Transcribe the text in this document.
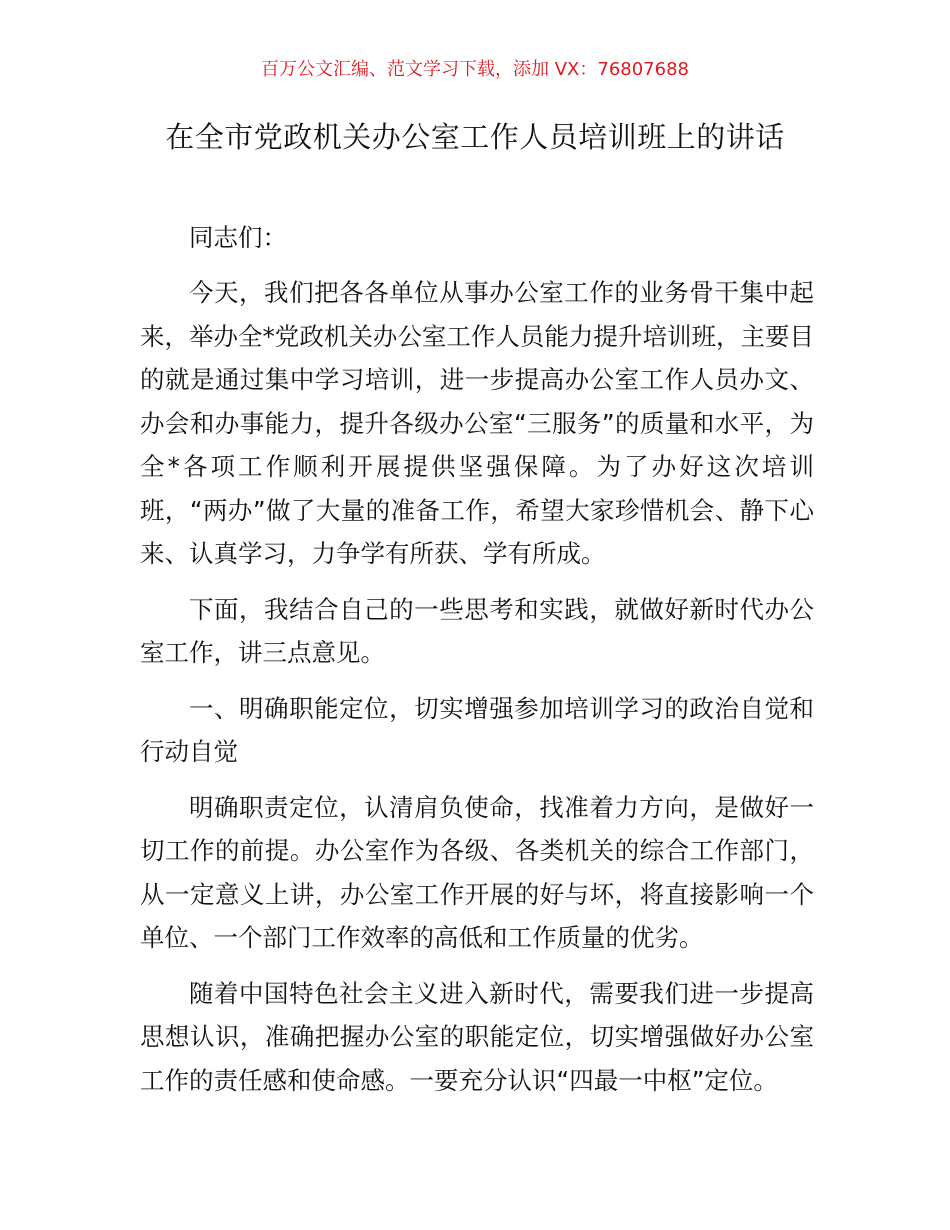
百万公文汇编、范文学习下载，添加 VX：76807688
在全市党政机关办公室工作人员培训班上的讲话

同志们：

今天，我们把各各单位从事办公室工作的业务骨干集中起来，举办全*党政机关办公室工作人员能力提升培训班，主要目的就是通过集中学习培训，进一步提高办公室工作人员办文、办会和办事能力，提升各级办公室“三服务”的质量和水平，为全*各项工作顺利开展提供坚强保障。为了办好这次培训班，“两办”做了大量的准备工作，希望大家珍惜机会、静下心来、认真学习，力争学有所获、学有所成。

下面，我结合自己的一些思考和实践，就做好新时代办公室工作，讲三点意见。

一、明确职能定位，切实增强参加培训学习的政治自觉和行动自觉

明确职责定位，认清肩负使命，找准着力方向，是做好一切工作的前提。办公室作为各级、各类机关的综合工作部门，从一定意义上讲，办公室工作开展的好与坏，将直接影响一个单位、一个部门工作效率的高低和工作质量的优劣。

随着中国特色社会主义进入新时代，需要我们进一步提高思想认识，准确把握办公室的职能定位，切实增强做好办公室工作的责任感和使命感。一要充分认识“四最一中枢”定位。
